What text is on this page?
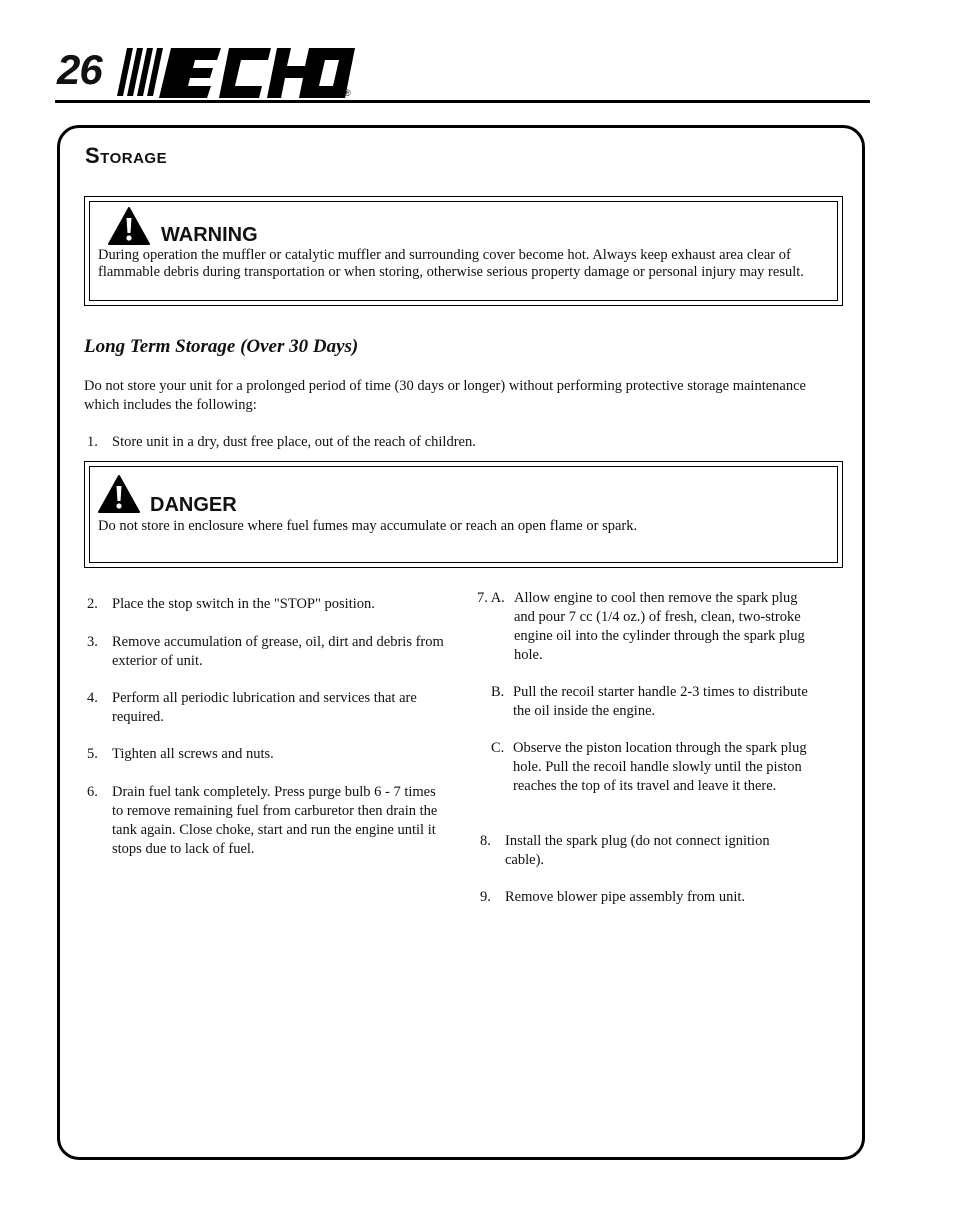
26	®
Storage
WARNING
During operation the muffler or catalytic muffler and surrounding cover become hot. Always keep exhaust area clear of flammable debris during transportation or when storing, otherwise serious property damage or personal injury may result.
Long Term Storage (Over 30 Days)
Do not store your unit for a prolonged period of time (30 days or longer) without performing protective storage maintenance which includes the following:
1. Store unit in a dry, dust free place, out of the reach of children.
DANGER
Do not store in enclosure where fuel fumes may accumulate or reach an open flame or spark.
2. Place the stop switch in the "STOP" position.
3. Remove accumulation of grease, oil, dirt and debris from exterior of unit.
4. Perform all periodic lubrication and services that are required.
5. Tighten all screws and nuts.
6. Drain fuel tank completely. Press purge bulb 6 - 7 times to remove remaining fuel from carburetor then drain the tank again. Close choke, start and run the engine until it stops due to lack of fuel.
7. A. Allow engine to cool then remove the spark plug and pour 7 cc (1/4 oz.) of fresh, clean, two-stroke engine oil into the cylinder through the spark plug hole.
B. Pull the recoil starter handle 2-3 times to distribute the oil inside the engine.
C. Observe the piston location through the spark plug hole. Pull the recoil handle slowly until the piston reaches the top of its travel and leave it there.
8. Install the spark plug (do not connect ignition cable).
9. Remove blower pipe assembly from unit.
